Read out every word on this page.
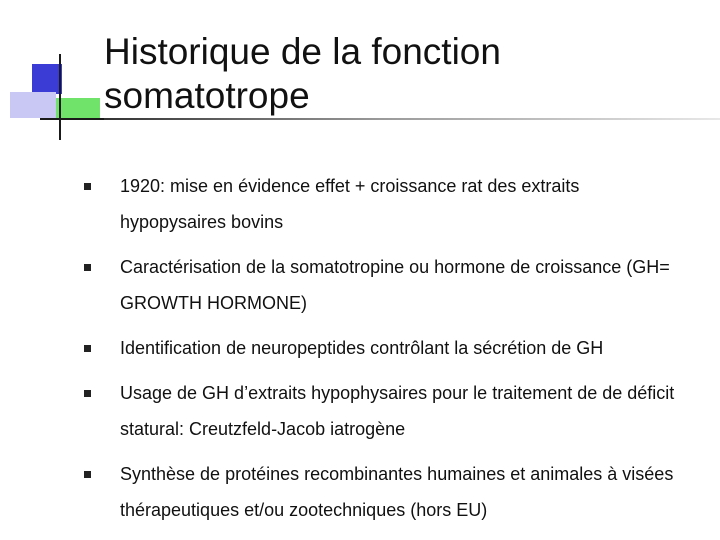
Historique de la fonction
somatotrope
1920: mise en évidence effet + croissance rat des extraits hypopysaires bovins
Caractérisation de la somatotropine ou hormone de croissance (GH= GROWTH HORMONE)
Identification de neuropeptides contrôlant la sécrétion de GH
Usage de GH d’extraits hypophysaires pour le traitement de de déficit statural: Creutzfeld-Jacob iatrogène
Synthèse de protéines recombinantes humaines et animales à visées thérapeutiques et/ou zootechniques (hors EU)
